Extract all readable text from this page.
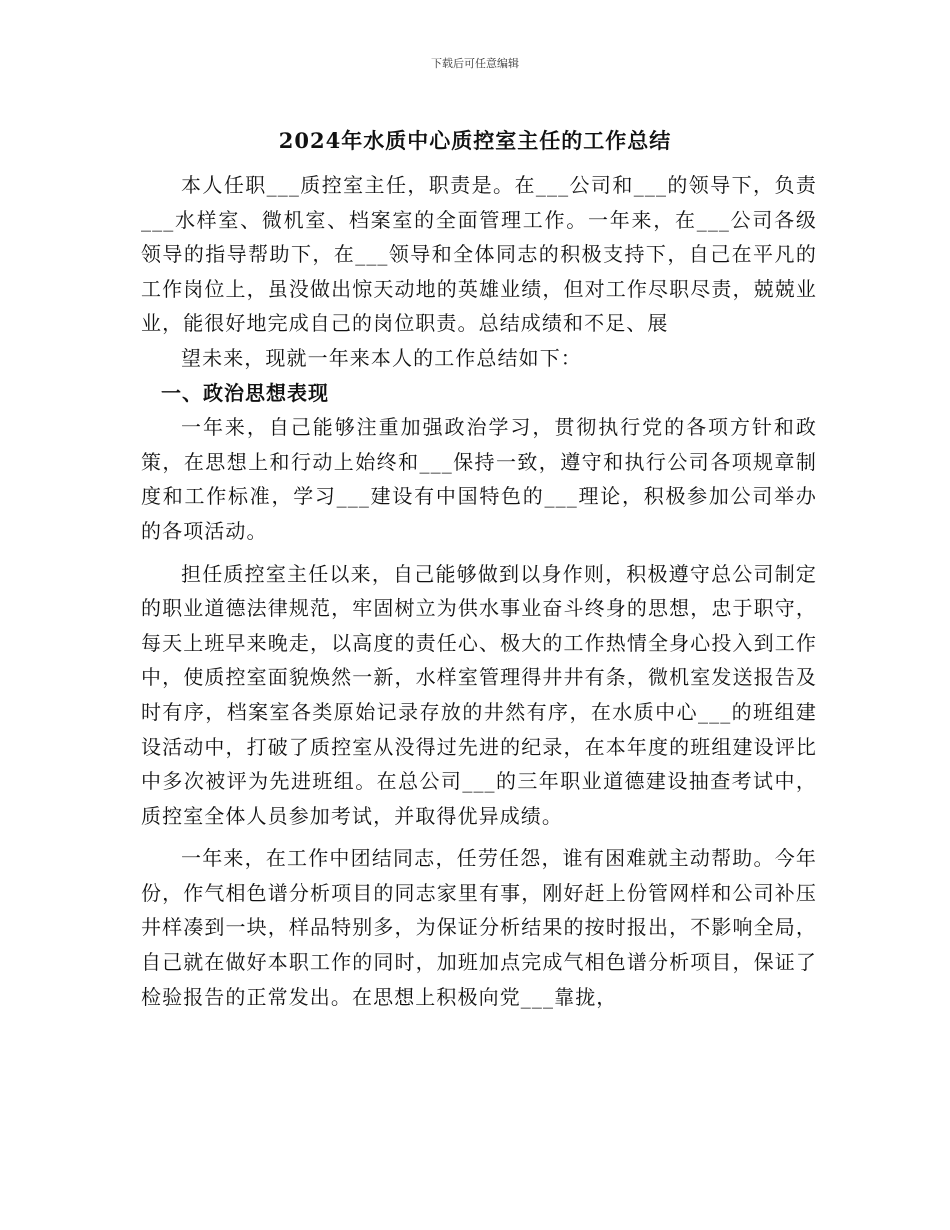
下载后可任意编辑
2024年水质中心质控室主任的工作总结

本人任职___质控室主任，职责是。在___公司和___的领导下，负责___水样室、微机室、档案室的全面管理工作。一年来，在___公司各级领导的指导帮助下，在___领导和全体同志的积极支持下，自己在平凡的工作岗位上，虽没做出惊天动地的英雄业绩，但对工作尽职尽责，兢兢业业，能很好地完成自己的岗位职责。总结成绩和不足、展

望未来，现就一年来本人的工作总结如下：

一、政治思想表现

一年来，自己能够注重加强政治学习，贯彻执行党的各项方针和政策，在思想上和行动上始终和___保持一致，遵守和执行公司各项规章制度和工作标准，学习___建设有中国特色的___理论，积极参加公司举办的各项活动。

担任质控室主任以来，自己能够做到以身作则，积极遵守总公司制定的职业道德法律规范，牢固树立为供水事业奋斗终身的思想，忠于职守，每天上班早来晚走，以高度的责任心、极大的工作热情全身心投入到工作中，使质控室面貌焕然一新，水样室管理得井井有条，微机室发送报告及时有序，档案室各类原始记录存放的井然有序，在水质中心___的班组建设活动中，打破了质控室从没得过先进的纪录，在本年度的班组建设评比中多次被评为先进班组。在总公司___的三年职业道德建设抽查考试中，质控室全体人员参加考试，并取得优异成绩。

一年来，在工作中团结同志，任劳任怨，谁有困难就主动帮助。今年份，作气相色谱分析项目的同志家里有事，刚好赶上份管网样和公司补压井样凑到一块，样品特别多，为保证分析结果的按时报出，不影响全局，自己就在做好本职工作的同时，加班加点完成气相色谱分析项目，保证了检验报告的正常发出。在思想上积极向党___靠拢，
